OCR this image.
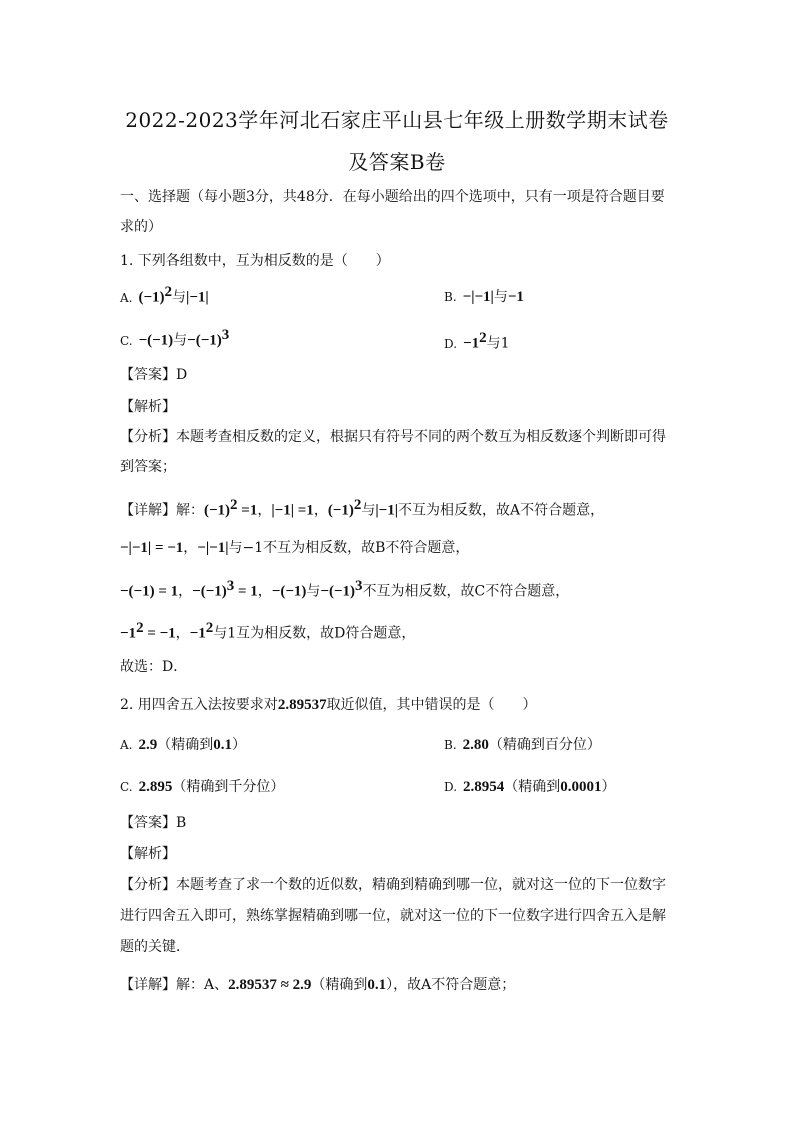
2022-2023学年河北石家庄平山县七年级上册数学期末试卷
及答案B卷
一、选择题（每小题3分，共48分．在每小题给出的四个选项中，只有一项是符合题目要
求的）
1. 下列各组数中，互为相反数的是（　　）
A. $(-1)^2$与|−1|	B. −|−1|与−1
C. −(−1)与$-(-1)^3$
D. $-1^2$与1
【答案】D
【解析】
【分析】本题考查相反数的定义，根据只有符号不同的两个数互为相反数逐个判断即可得
到答案；
【详解】解：$(-1)^2 =1$，|−1| =1，$(-1)^2$与|−1|不互为相反数，故A不符合题意，
−|−1| = −1，−|−1|与−1不互为相反数，故B不符合题意，
−(−1) = 1，$-(-1)^3 = 1$，−(−1)与$-(-1)^3$不互为相反数，故C不符合题意，
$-1^2 = -1$，$-1^2$与1互为相反数，故D符合题意，
故选：D．
2. 用四舍五入法按要求对2.89537取近似值，其中错误的是（　　）
A. 2.9（精确到0.1）	B. 2.80（精确到百分位）
C. 2.895（精确到千分位）	D. 2.8954（精确到0.0001）
【答案】B
【解析】
【分析】本题考查了求一个数的近似数，精确到精确到哪一位，就对这一位的下一位数字
进行四舍五入即可，熟练掌握精确到哪一位，就对这一位的下一位数字进行四舍五入是解
题的关键．
【详解】解：A、2.89537 ≈ 2.9（精确到0.1），故A不符合题意；
